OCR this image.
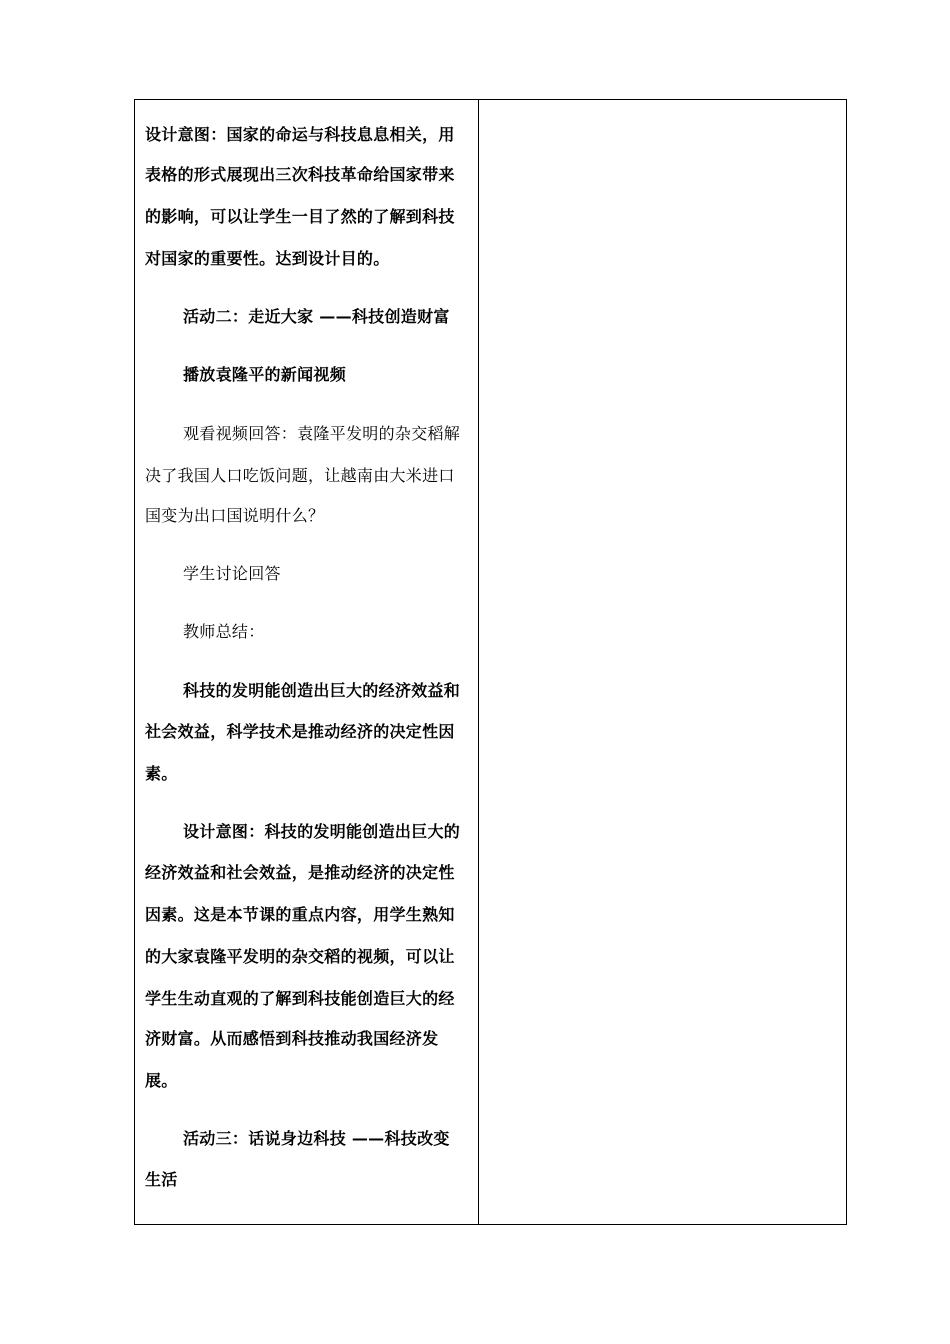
设计意图：国家的命运与科技息息相关，用
表格的形式展现出三次科技革命给国家带来
的影响，可以让学生一目了然的了解到科技
对国家的重要性。达到设计目的。
活动二：走近大家 ——科技创造财富
播放袁隆平的新闻视频
观看视频回答：袁隆平发明的杂交稻解
决了我国人口吃饭问题，让越南由大米进口
国变为出口国说明什么？
学生讨论回答
教师总结：
科技的发明能创造出巨大的经济效益和
社会效益，科学技术是推动经济的决定性因
素。
设计意图：科技的发明能创造出巨大的
经济效益和社会效益，是推动经济的决定性
因素。这是本节课的重点内容，用学生熟知
的大家袁隆平发明的杂交稻的视频，可以让
学生生动直观的了解到科技能创造巨大的经
济财富。从而感悟到科技推动我国经济发
展。
活动三：话说身边科技 ——科技改变
生活
